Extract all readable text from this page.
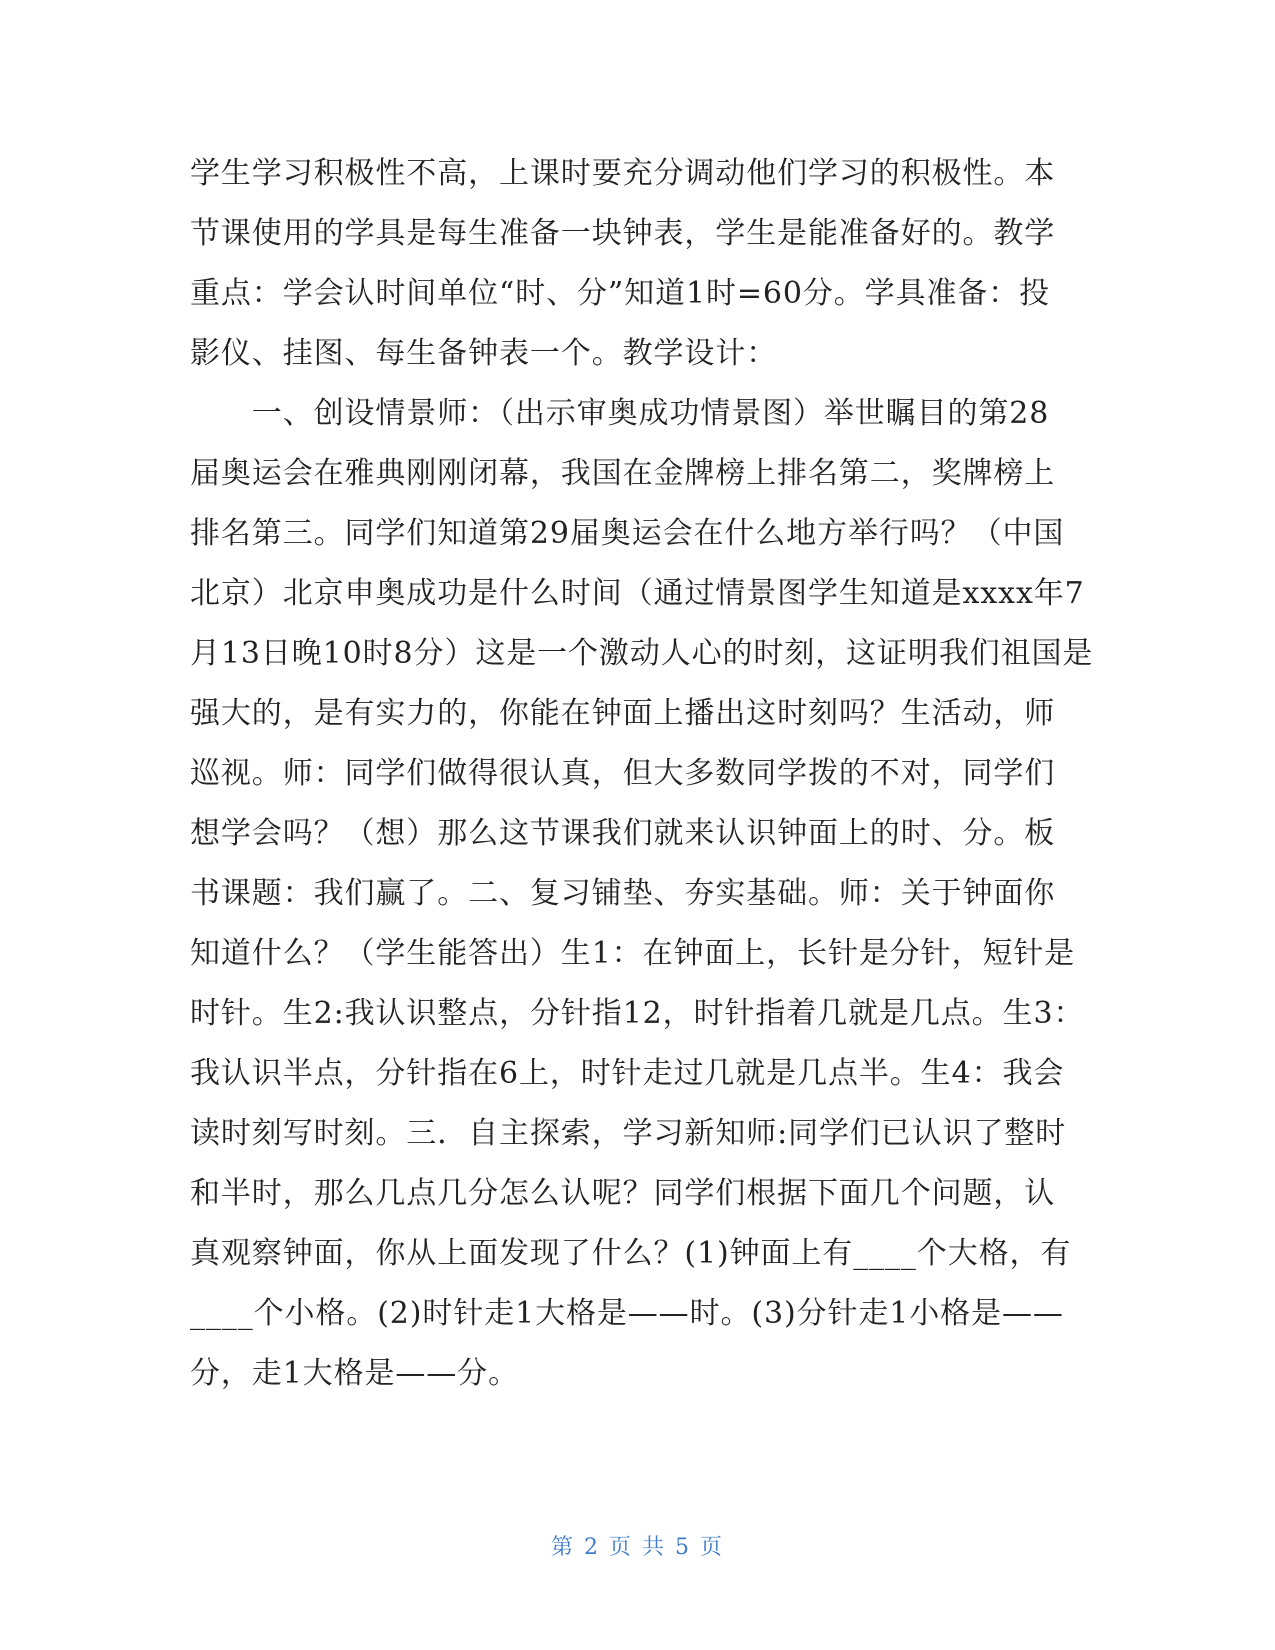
学生学习积极性不高，上课时要充分调动他们学习的积极性。本
节课使用的学具是每生准备一块钟表，学生是能准备好的。教学
重点：学会认时间单位“时、分”知道1时=60分。学具准备：投
影仪、挂图、每生备钟表一个。教学设计：
　　一、创设情景师：（出示审奥成功情景图）举世瞩目的第28
届奥运会在雅典刚刚闭幕，我国在金牌榜上排名第二，奖牌榜上
排名第三。同学们知道第29届奥运会在什么地方举行吗？（中国
北京）北京申奥成功是什么时间（通过情景图学生知道是xxxx年7
月13日晚10时8分）这是一个激动人心的时刻，这证明我们祖国是
强大的，是有实力的，你能在钟面上播出这时刻吗？生活动，师
巡视。师：同学们做得很认真，但大多数同学拨的不对，同学们
想学会吗？（想）那么这节课我们就来认识钟面上的时、分。板
书课题：我们赢了。二、复习铺垫、夯实基础。师：关于钟面你
知道什么？（学生能答出）生1：在钟面上，长针是分针，短针是
时针。生2:我认识整点，分针指12，时针指着几就是几点。生3：
我认识半点，分针指在6上，时针走过几就是几点半。生4：我会
读时刻写时刻。三．自主探索，学习新知师:同学们已认识了整时
和半时，那么几点几分怎么认呢？同学们根据下面几个问题，认
真观察钟面，你从上面发现了什么？(1)钟面上有____个大格，有
____个小格。(2)时针走1大格是——时。(3)分针走1小格是——
分，走1大格是——分。
第 2 页 共 5 页
